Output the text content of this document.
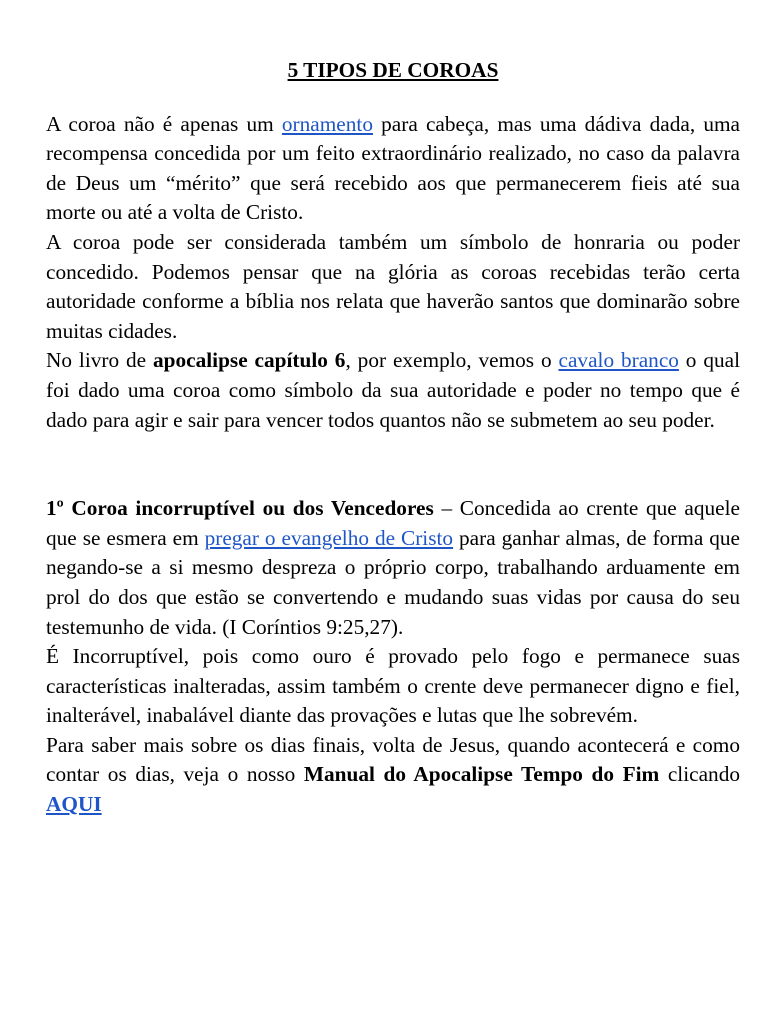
5 TIPOS DE COROAS

A coroa não é apenas um ornamento para cabeça, mas uma dádiva dada, uma recompensa concedida por um feito extraordinário realizado, no caso da palavra de Deus um “mérito” que será recebido aos que permanecerem fieis até sua morte ou até a volta de Cristo.

A coroa pode ser considerada também um símbolo de honraria ou poder concedido. Podemos pensar que na glória as coroas recebidas terão certa autoridade conforme a bíblia nos relata que haverão santos que dominarão sobre muitas cidades.

No livro de apocalipse capítulo 6, por exemplo, vemos o cavalo branco o qual foi dado uma coroa como símbolo da sua autoridade e poder no tempo que é dado para agir e sair para vencer todos quantos não se submetem ao seu poder.

1º Coroa incorruptível ou dos Vencedores – Concedida ao crente que aquele que se esmera em pregar o evangelho de Cristo para ganhar almas, de forma que negando-se a si mesmo despreza o próprio corpo, trabalhando arduamente em prol do dos que estão se convertendo e mudando suas vidas por causa do seu testemunho de vida. (I Coríntios 9:25,27).

É Incorruptível, pois como ouro é provado pelo fogo e permanece suas características inalteradas, assim também o crente deve permanecer digno e fiel, inalterável, inabalável diante das provações e lutas que lhe sobrevém.

Para saber mais sobre os dias finais, volta de Jesus, quando acontecerá e como contar os dias, veja o nosso Manual do Apocalipse Tempo do Fim clicando AQUI
